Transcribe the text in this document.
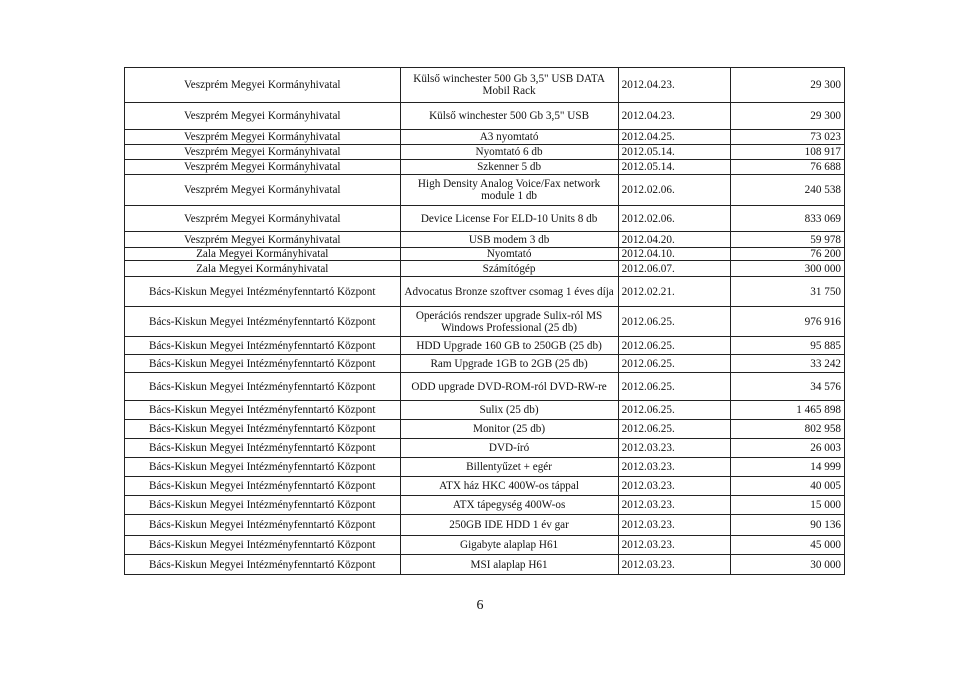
Veszprém Megyei Kormányhivatal	Külső winchester 500 Gb 3,5" USB DATA Mobil Rack	2012.04.23.	29 300
Veszprém Megyei Kormányhivatal	Külső winchester 500 Gb 3,5" USB	2012.04.23.	29 300
Veszprém Megyei Kormányhivatal	A3 nyomtató	2012.04.25.	73 023
Veszprém Megyei Kormányhivatal	Nyomtató 6 db	2012.05.14.	108 917
Veszprém Megyei Kormányhivatal	Szkenner 5 db	2012.05.14.	76 688
Veszprém Megyei Kormányhivatal	High Density Analog Voice/Fax network module 1 db	2012.02.06.	240 538
Veszprém Megyei Kormányhivatal	Device License For ELD-10 Units 8 db	2012.02.06.	833 069
Veszprém Megyei Kormányhivatal	USB modem 3 db	2012.04.20.	59 978
Zala Megyei Kormányhivatal	Nyomtató	2012.04.10.	76 200
Zala Megyei Kormányhivatal	Számítógép	2012.06.07.	300 000
Bács-Kiskun Megyei Intézményfenntartó Központ	Advocatus Bronze szoftver csomag 1 éves díja	2012.02.21.	31 750
Bács-Kiskun Megyei Intézményfenntartó Központ	Operációs rendszer upgrade Sulix-ról MS Windows Professional (25 db)	2012.06.25.	976 916
Bács-Kiskun Megyei Intézményfenntartó Központ	HDD Upgrade 160 GB to 250GB (25 db)	2012.06.25.	95 885
Bács-Kiskun Megyei Intézményfenntartó Központ	Ram Upgrade 1GB to 2GB (25 db)	2012.06.25.	33 242
Bács-Kiskun Megyei Intézményfenntartó Központ	ODD upgrade DVD-ROM-ról DVD-RW-re	2012.06.25.	34 576
Bács-Kiskun Megyei Intézményfenntartó Központ	Sulix (25 db)	2012.06.25.	1 465 898
Bács-Kiskun Megyei Intézményfenntartó Központ	Monitor (25 db)	2012.06.25.	802 958
Bács-Kiskun Megyei Intézményfenntartó Központ	DVD-író	2012.03.23.	26 003
Bács-Kiskun Megyei Intézményfenntartó Központ	Billentyűzet + egér	2012.03.23.	14 999
Bács-Kiskun Megyei Intézményfenntartó Központ	ATX ház HKC 400W-os táppal	2012.03.23.	40 005
Bács-Kiskun Megyei Intézményfenntartó Központ	ATX tápegység 400W-os	2012.03.23.	15 000
Bács-Kiskun Megyei Intézményfenntartó Központ	250GB IDE HDD 1 év gar	2012.03.23.	90 136
Bács-Kiskun Megyei Intézményfenntartó Központ	Gigabyte alaplap H61	2012.03.23.	45 000
Bács-Kiskun Megyei Intézményfenntartó Központ	MSI alaplap H61	2012.03.23.	30 000
6
